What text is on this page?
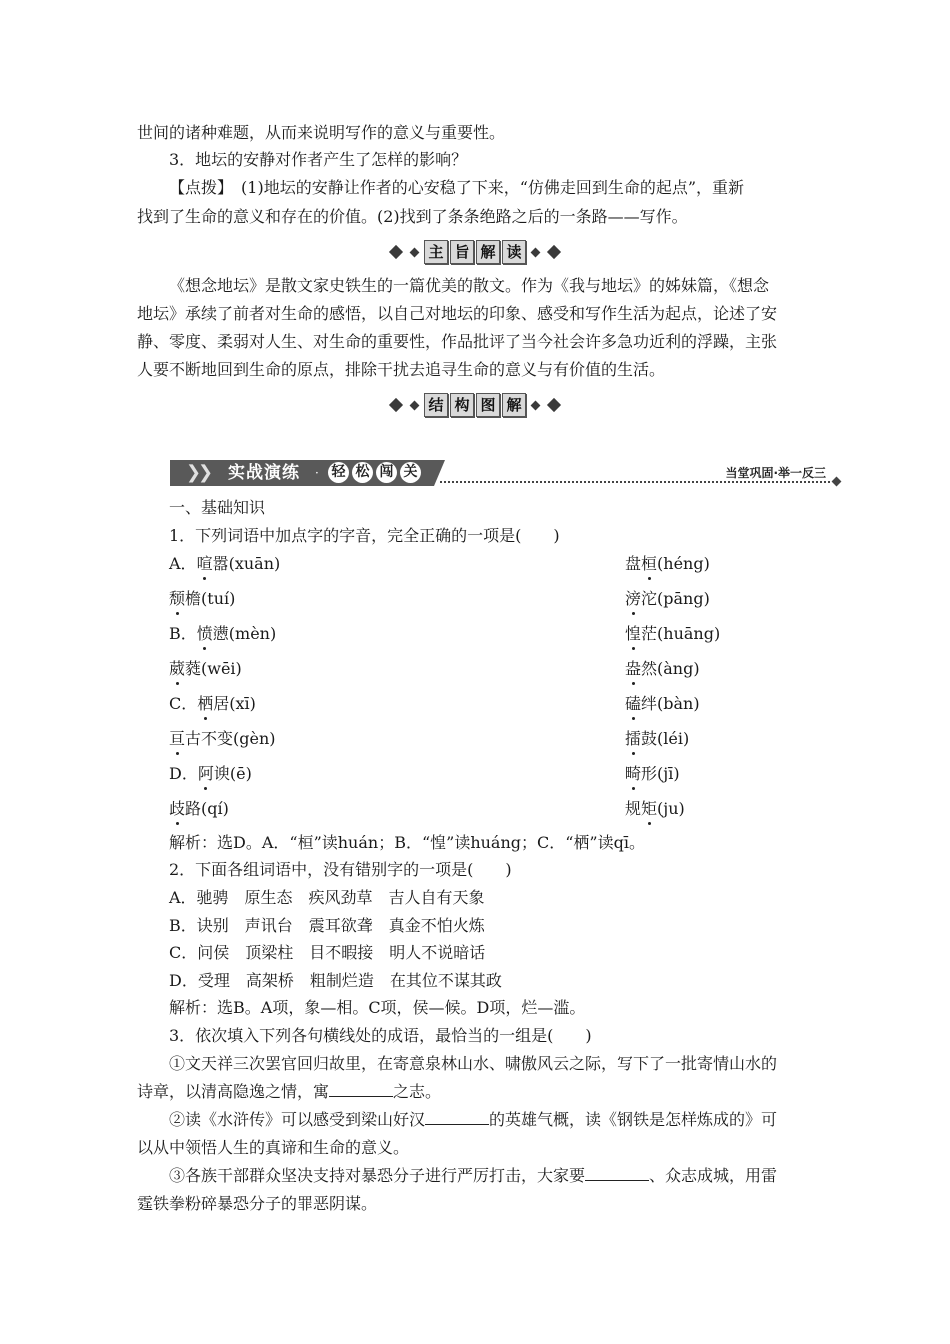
世间的诸种难题，从而来说明写作的意义与重要性。

3．地坛的安静对作者产生了怎样的影响？

【点拨】　 (1)地坛的安静让作者的心安稳了下来，“仿佛走回到生命的起点”，重新

找到了生命的意义和存在的价值。(2)找到了条条绝路之后的一条路——写作。

主 旨 解 读

《想念地坛》是散文家史铁生的一篇优美的散文。作为《我与地坛》的姊妹篇，《想念

地坛》承续了前者对生命的感悟，以自己对地坛的印象、感受和写作生活为起点，论述了安

静、零度、柔弱对人生、对生命的重要性，作品批评了当今社会许多急功近利的浮躁，主张

人要不断地回到生命的原点，排除干扰去追寻生命的意义与有价值的生活。

结 构 图 解
❯
❯ 实战演练 · 轻 松 闯 关	当堂巩固·举一反三

一、基础知识

1．下列词语中加点字的字音，完全正确的一项是(　　)

A．喧嚣(xuān)	盘桓(héng)

颓檐(tuí)	滂沱(pāng)

B．愤懑(mèn)	惶茫(huāng)

葳蕤(wēi)	盎然(àng)

C．栖居(xī)	磕绊(bàn)

亘古不变(gèn)	擂鼓(léi)

D．阿谀(ē)	畸形(jī)

歧路(qí)	规矩(ju)

解析：选D。A．“桓”读huán；B．“惶”读huáng；C．“栖”读qī。

2．下面各组词语中，没有错别字的一项是(　　)

A．驰骋　原生态　疾风劲草　吉人自有天象

B．诀别　声讯台　震耳欲聋　真金不怕火炼

C．问侯　顶梁柱　目不暇接　明人不说暗话

D．受理　高架桥　粗制烂造　在其位不谋其政

解析：选B。A项，象—相。C项，侯—候。D项，烂—滥。

3．依次填入下列各句横线处的成语，最恰当的一组是(　　)

①文天祥三次罢官回归故里，在寄意泉林山水、啸傲风云之际，写下了一批寄情山水的

诗章，以清高隐逸之情，寓	之志。

②读《水浒传》可以感受到梁山好汉	的英雄气概，读《钢铁是怎样炼成的》可

以从中领悟人生的真谛和生命的意义。

③各族干部群众坚决支持对暴恐分子进行严厉打击，大家要	、众志成城，用雷

霆铁拳粉碎暴恐分子的罪恶阴谋。
